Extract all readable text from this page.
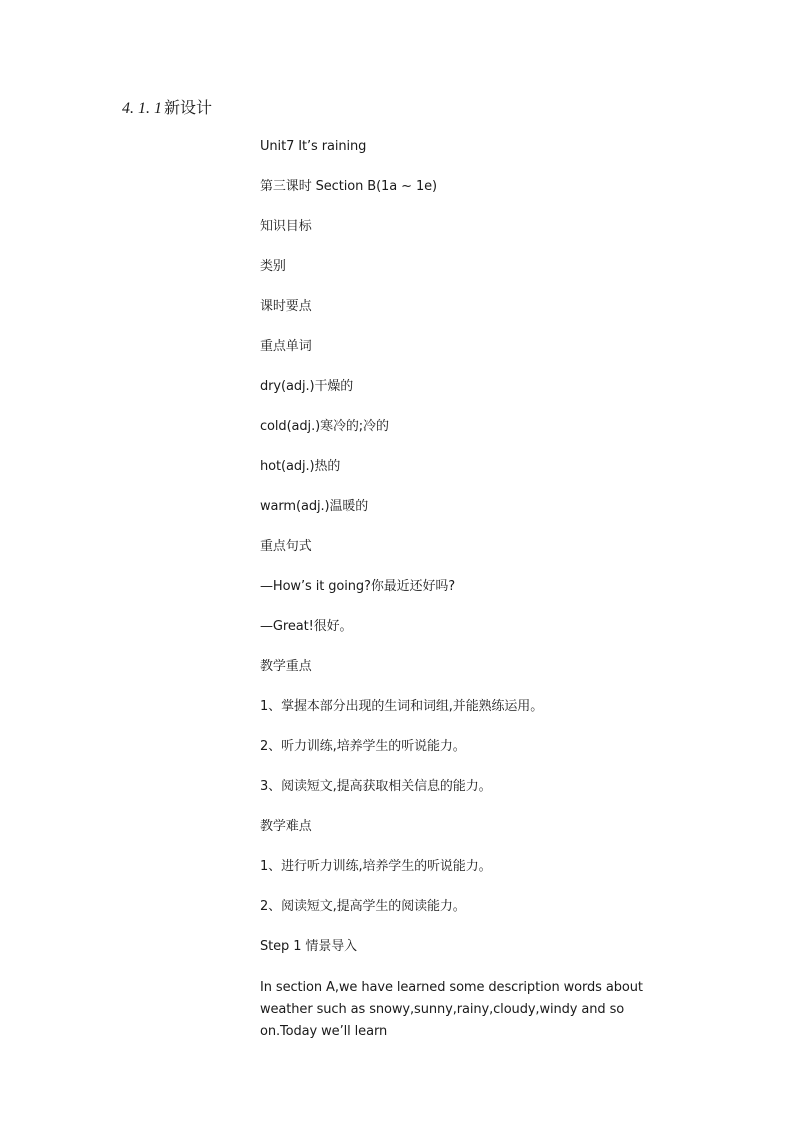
4. 1. 1 新设计
Unit7 It’s raining
第三课时 Section B(1a ~ 1e)
知识目标
类别
课时要点
重点单词
dry(adj.)干燥的
cold(adj.)寒冷的;冷的
hot(adj.)热的
warm(adj.)温暖的
重点句式
—How’s it going?你最近还好吗?
—Great!很好。
教学重点
1、掌握本部分出现的生词和词组,并能熟练运用。
2、听力训练,培养学生的听说能力。
3、阅读短文,提高获取相关信息的能力。
教学难点
1、进行听力训练,培养学生的听说能力。
2、阅读短文,提高学生的阅读能力。
Step 1 情景导入
In section A,we have learned some description words about weather such as snowy,sunny,rainy,cloudy,windy and so on.Today we’ll learn
